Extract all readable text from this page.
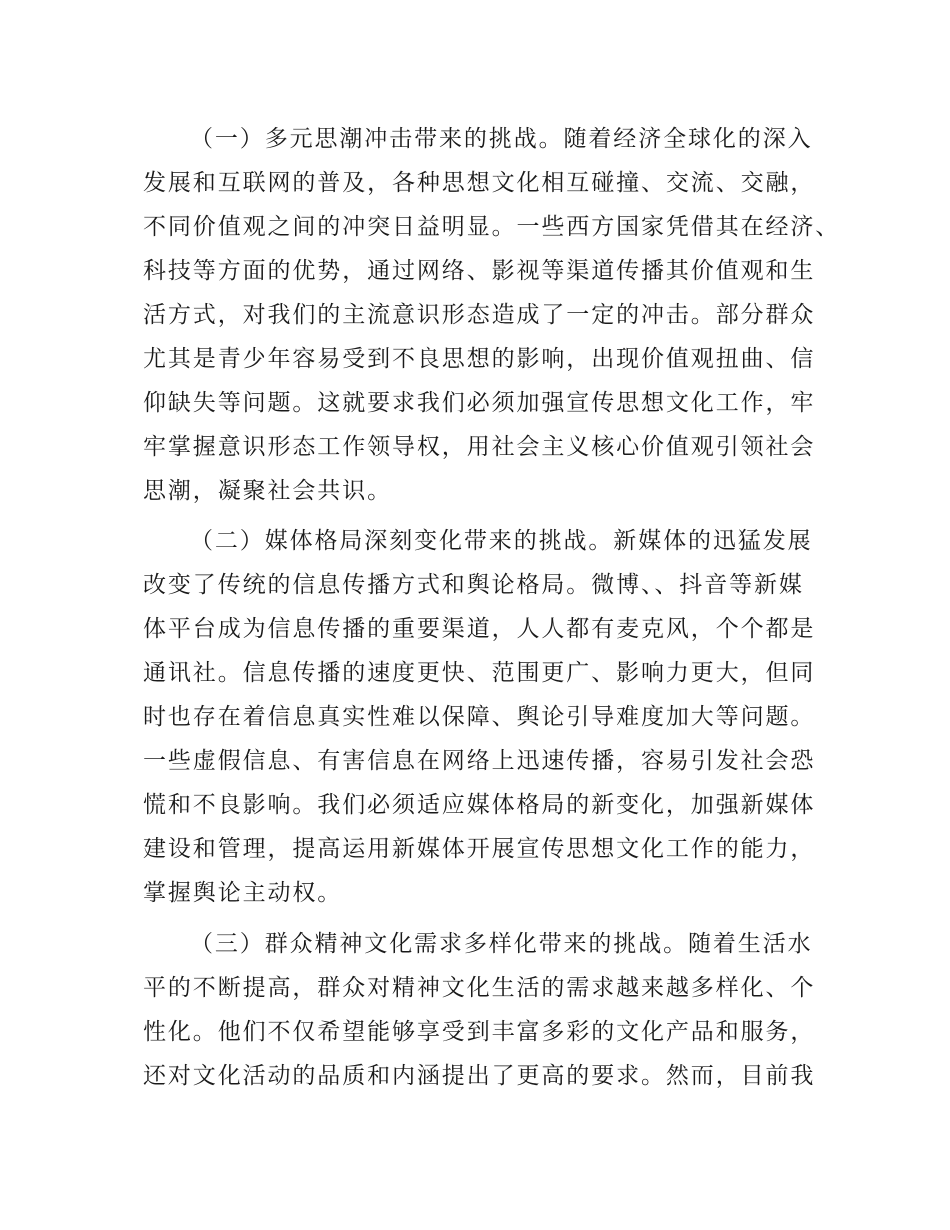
（一）多元思潮冲击带来的挑战。随着经济全球化的深入
发展和互联网的普及，各种思想文化相互碰撞、交流、交融，
不同价值观之间的冲突日益明显。一些西方国家凭借其在经济、
科技等方面的优势，通过网络、影视等渠道传播其价值观和生
活方式，对我们的主流意识形态造成了一定的冲击。部分群众
尤其是青少年容易受到不良思想的影响，出现价值观扭曲、信
仰缺失等问题。这就要求我们必须加强宣传思想文化工作，牢
牢掌握意识形态工作领导权，用社会主义核心价值观引领社会
思潮，凝聚社会共识。
（二）媒体格局深刻变化带来的挑战。新媒体的迅猛发展
改变了传统的信息传播方式和舆论格局。微博、、抖音等新媒
体平台成为信息传播的重要渠道，人人都有麦克风，个个都是
通讯社。信息传播的速度更快、范围更广、影响力更大，但同
时也存在着信息真实性难以保障、舆论引导难度加大等问题。
一些虚假信息、有害信息在网络上迅速传播，容易引发社会恐
慌和不良影响。我们必须适应媒体格局的新变化，加强新媒体
建设和管理，提高运用新媒体开展宣传思想文化工作的能力，
掌握舆论主动权。
（三）群众精神文化需求多样化带来的挑战。随着生活水
平的不断提高，群众对精神文化生活的需求越来越多样化、个
性化。他们不仅希望能够享受到丰富多彩的文化产品和服务，
还对文化活动的品质和内涵提出了更高的要求。然而，目前我
